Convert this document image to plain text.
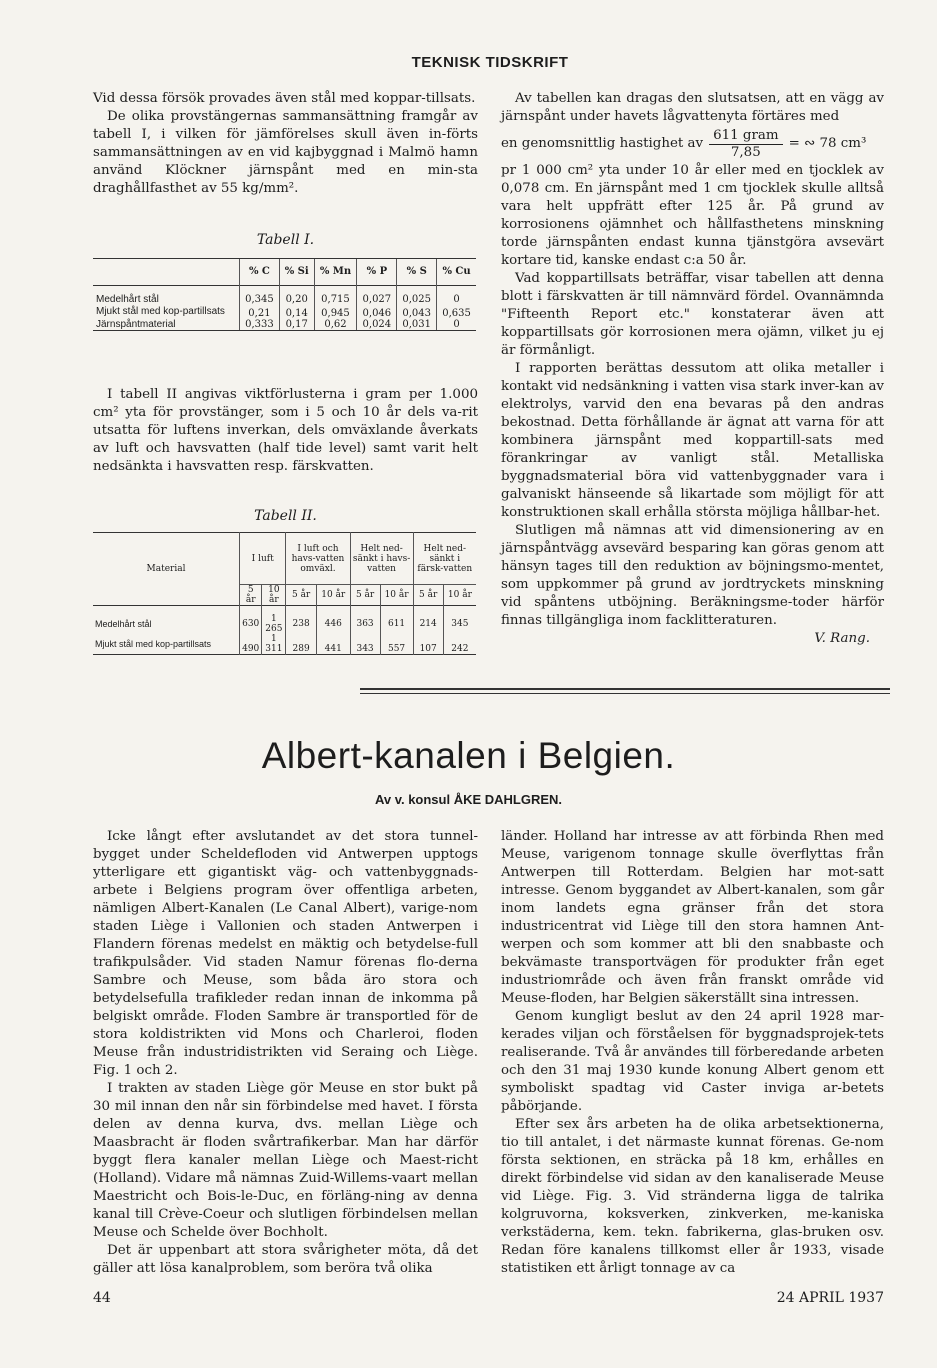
TEKNISK TIDSKRIFT

Vid dessa försök provades även stål med koppar-tillsats.

De olika provstängernas sammansättning framgår av tabell I, i vilken för jämförelses skull även in-förts sammansättningen av en vid kajbyggnad i Malmö hamn använd Klöckner järnspånt med en min-sta draghållfasthet av 55 kg/mm².

Tabell I.
	% C	% Si	% Mn	% P	% S	% Cu

Medelhårt stål	0,345	0,20	0,715	0,027	0,025	0
Mjukt stål med kop-partillsats	0,21	0,14	0,945	0,046	0,043	0,635
Järnspåntmaterial	0,333	0,17	0,62	0,024	0,031	0

I tabell II angivas viktförlusterna i gram per 1.000 cm² yta för provstänger, som i 5 och 10 år dels va-rit utsatta för luftens inverkan, dels omväxlande åverkats av luft och havsvatten (half tide level) samt varit helt nedsänkta i havsvatten resp. färskvatten.

Tabell II.
Material	I luft		I luft och havs-vatten omväxl.		Helt ned-sänkt i havs-vatten		Helt ned-sänkt i färsk-vatten	
	5 år	10 år	5 år	10 år	5 år	10 år	5 år	10 år

Medelhårt stål	630	1 265	238	446	363	611	214	345
Mjukt stål med kop-partillsats	490	1 311	289	441	343	557	107	242

Av tabellen kan dragas den slutsatsen, att en vägg av järnspånt under havets lågvattenyta förtäres med

en genomsnittlig hastighet av
611 gram
7,85
= ∾ 78 cm³

pr 1 000 cm² yta under 10 år eller med en tjocklek av 0,078 cm. En järnspånt med 1 cm tjocklek skulle alltså vara helt uppfrätt efter 125 år. På grund av korrosionens ojämnhet och hållfasthetens minskning torde järnspånten endast kunna tjänstgöra avsevärt kortare tid, kanske endast c:a 50 år.

Vad koppartillsats beträffar, visar tabellen att denna blott i färskvatten är till nämnvärd fördel. Ovannämnda "Fifteenth Report etc." konstaterar även att koppartillsats gör korrosionen mera ojämn, vilket ju ej är förmånligt.

I rapporten berättas dessutom att olika metaller i kontakt vid nedsänkning i vatten visa stark inver-kan av elektrolys, varvid den ena bevaras på den andras bekostnad. Detta förhållande är ägnat att varna för att kombinera järnspånt med koppartill-sats med förankringar av vanligt stål. Metalliska byggnadsmaterial böra vid vattenbyggnader vara i galvaniskt hänseende så likartade som möjligt för att konstruktionen skall erhålla största möjliga hållbar-het.

Slutligen må nämnas att vid dimensionering av en järnspåntvägg avsevärd besparing kan göras genom att hänsyn tages till den reduktion av böjningsmo-mentet, som uppkommer på grund av jordtryckets minskning vid spåntens utböjning. Beräkningsme-toder härför finnas tillgängliga inom facklitteraturen.

V. Rang.

Albert-kanalen i Belgien.
Av v. konsul ÅKE DAHLGREN.

Icke långt efter avslutandet av det stora tunnel-bygget under Scheldefloden vid Antwerpen upptogs ytterligare ett gigantiskt väg- och vattenbyggnads-arbete i Belgiens program över offentliga arbeten, nämligen Albert-Kanalen (Le Canal Albert), varige-nom staden Liège i Vallonien och staden Antwerpen i Flandern förenas medelst en mäktig och betydelse-full trafikpulsåder. Vid staden Namur förenas flo-derna Sambre och Meuse, som båda äro stora och betydelsefulla trafikleder redan innan de inkomma på belgiskt område. Floden Sambre är transportled för de stora koldistrikten vid Mons och Charleroi, floden Meuse från industridistrikten vid Seraing och Liège. Fig. 1 och 2.

I trakten av staden Liège gör Meuse en stor bukt på 30 mil innan den når sin förbindelse med havet. I första delen av denna kurva, dvs. mellan Liège och Maasbracht är floden svårtrafikerbar. Man har därför byggt flera kanaler mellan Liège och Maest-richt (Holland). Vidare må nämnas Zuid-Willems-vaart mellan Maestricht och Bois-le-Duc, en förläng-ning av denna kanal till Crève-Coeur och slutligen förbindelsen mellan Meuse och Schelde över Bochholt.

Det är uppenbart att stora svårigheter möta, då det gäller att lösa kanalproblem, som beröra två olika

länder. Holland har intresse av att förbinda Rhen med Meuse, varigenom tonnage skulle överflyttas från Antwerpen till Rotterdam. Belgien har mot-satt intresse. Genom byggandet av Albert-kanalen, som går inom landets egna gränser från det stora industricentrat vid Liège till den stora hamnen Ant-werpen och som kommer att bli den snabbaste och bekvämaste transportvägen för produkter från eget industriområde och även från franskt område vid Meuse-floden, har Belgien säkerställt sina intressen.

Genom kungligt beslut av den 24 april 1928 mar-kerades viljan och förståelsen för byggnadsprojek-tets realiserande. Två år användes till förberedande arbeten och den 31 maj 1930 kunde konung Albert genom ett symboliskt spadtag vid Caster inviga ar-betets påbörjande.

Efter sex års arbeten ha de olika arbetsektionerna, tio till antalet, i det närmaste kunnat förenas. Ge-nom första sektionen, en sträcka på 18 km, erhålles en direkt förbindelse vid sidan av den kanaliserade Meuse vid Liège. Fig. 3. Vid stränderna ligga de talrika kolgruvorna, koksverken, zinkverken, me-kaniska verkstäderna, kem. tekn. fabrikerna, glas-bruken osv. Redan före kanalens tillkomst eller år 1933, visade statistiken ett årligt tonnage av ca

44	24 APRIL 1937
